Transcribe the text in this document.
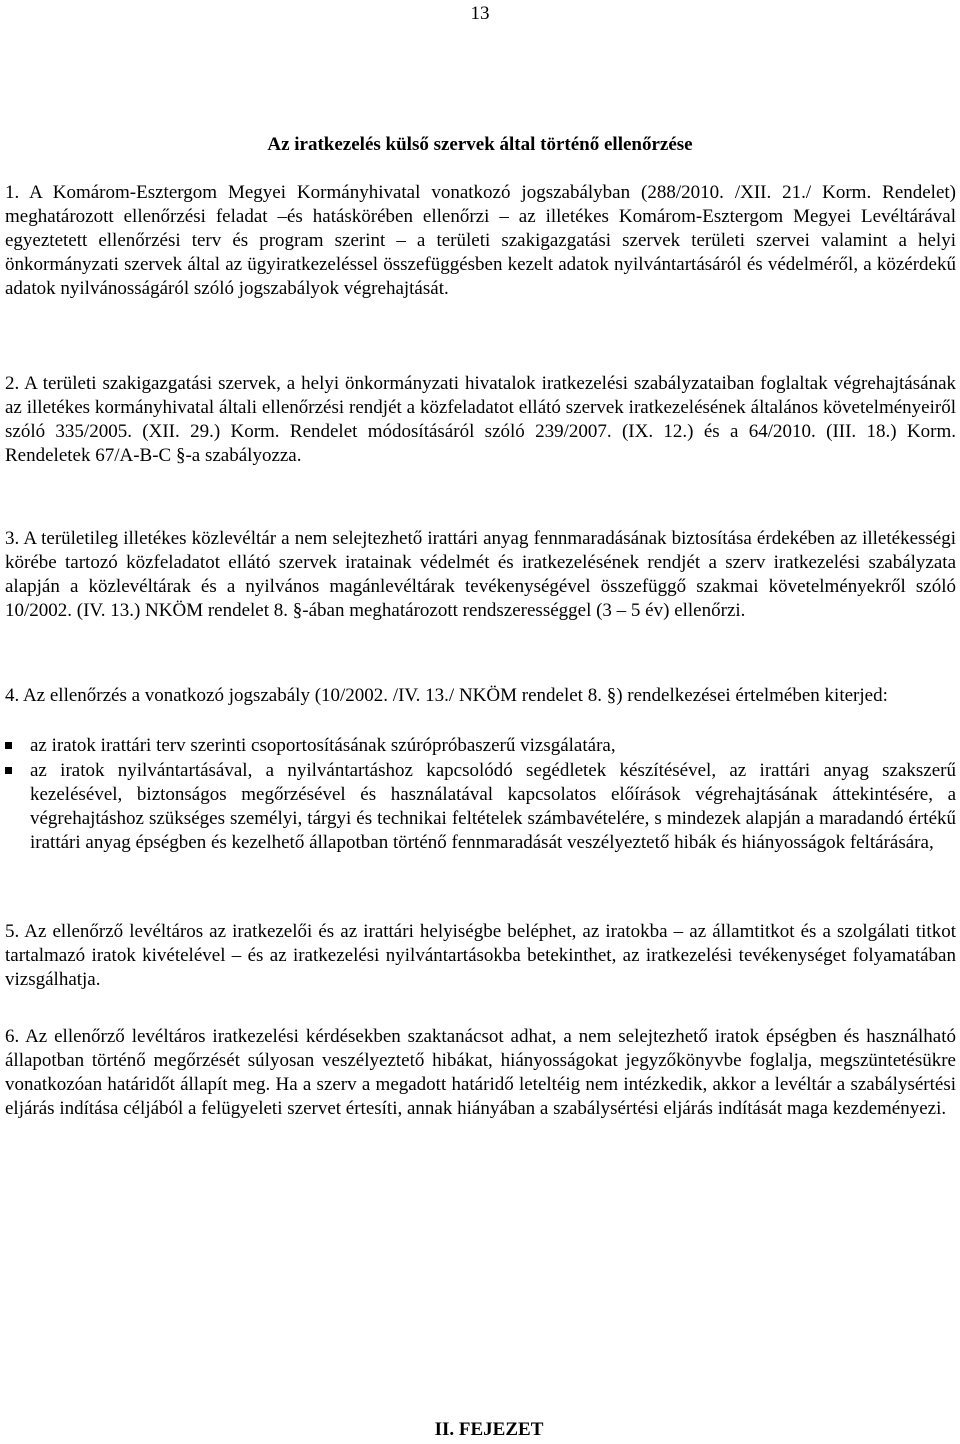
13
Az iratkezelés külső szervek által történő ellenőrzése
1. A Komárom-Esztergom Megyei Kormányhivatal vonatkozó jogszabályban (288/2010. /XII. 21./ Korm. Rendelet) meghatározott ellenőrzési feladat –és hatáskörében ellenőrzi – az illetékes Komárom-Esztergom Megyei Levéltárával egyeztetett ellenőrzési terv és program szerint – a területi szakigazgatási szervek területi szervei valamint a helyi önkormányzati szervek által az ügyiratkezeléssel összefüggésben kezelt adatok nyilvántartásáról és védelméről, a közérdekű adatok nyilvánosságáról szóló jogszabályok végrehajtását.
2. A területi szakigazgatási szervek, a helyi önkormányzati hivatalok iratkezelési szabályzataiban foglaltak végrehajtásának az illetékes kormányhivatal általi ellenőrzési rendjét a közfeladatot ellátó szervek iratkezelésének általános követelményeiről szóló 335/2005. (XII. 29.) Korm. Rendelet módosításáról szóló 239/2007. (IX. 12.) és a 64/2010. (III. 18.) Korm. Rendeletek 67/A-B-C §-a szabályozza.
3. A területileg illetékes közlevéltár a nem selejtezhető irattári anyag fennmaradásának biztosítása érdekében az illetékességi körébe tartozó közfeladatot ellátó szervek iratainak védelmét és iratkezelésének rendjét a szerv iratkezelési szabályzata alapján a közlevéltárak és a nyilvános magánlevéltárak tevékenységével összefüggő szakmai követelményekről szóló 10/2002. (IV. 13.) NKÖM rendelet 8. §-ában meghatározott rendszerességgel (3 – 5 év) ellenőrzi.
4. Az ellenőrzés a vonatkozó jogszabály (10/2002. /IV. 13./ NKÖM rendelet 8. §) rendelkezései értelmében kiterjed:
az iratok irattári terv szerinti csoportosításának szúrópróbaszerű vizsgálatára,
az iratok nyilvántartásával, a nyilvántartáshoz kapcsolódó segédletek készítésével, az irattári anyag szakszerű kezelésével, biztonságos megőrzésével és használatával kapcsolatos előírások végrehajtásának áttekintésére, a végrehajtáshoz szükséges személyi, tárgyi és technikai feltételek számbavételére, s mindezek alapján a maradandó értékű irattári anyag épségben és kezelhető állapotban történő fennmaradását veszélyeztető hibák és hiányosságok feltárására,
5. Az ellenőrző levéltáros az iratkezelői és az irattári helyiségbe beléphet, az iratokba – az államtitkot és a szolgálati titkot tartalmazó iratok kivételével – és az iratkezelési nyilvántartásokba betekinthet, az iratkezelési tevékenységet folyamatában vizsgálhatja.
6. Az ellenőrző levéltáros iratkezelési kérdésekben szaktanácsot adhat, a nem selejtezhető iratok épségben és használható állapotban történő megőrzését súlyosan veszélyeztető hibákat, hiányosságokat jegyzőkönyvbe foglalja, megszüntetésükre vonatkozóan határidőt állapít meg. Ha a szerv a megadott határidő leteltéig nem intézkedik, akkor a levéltár a szabálysértési eljárás indítása céljából a felügyeleti szervet értesíti, annak hiányában a szabálysértési eljárás indítását maga kezdeményezi.
II. FEJEZET
